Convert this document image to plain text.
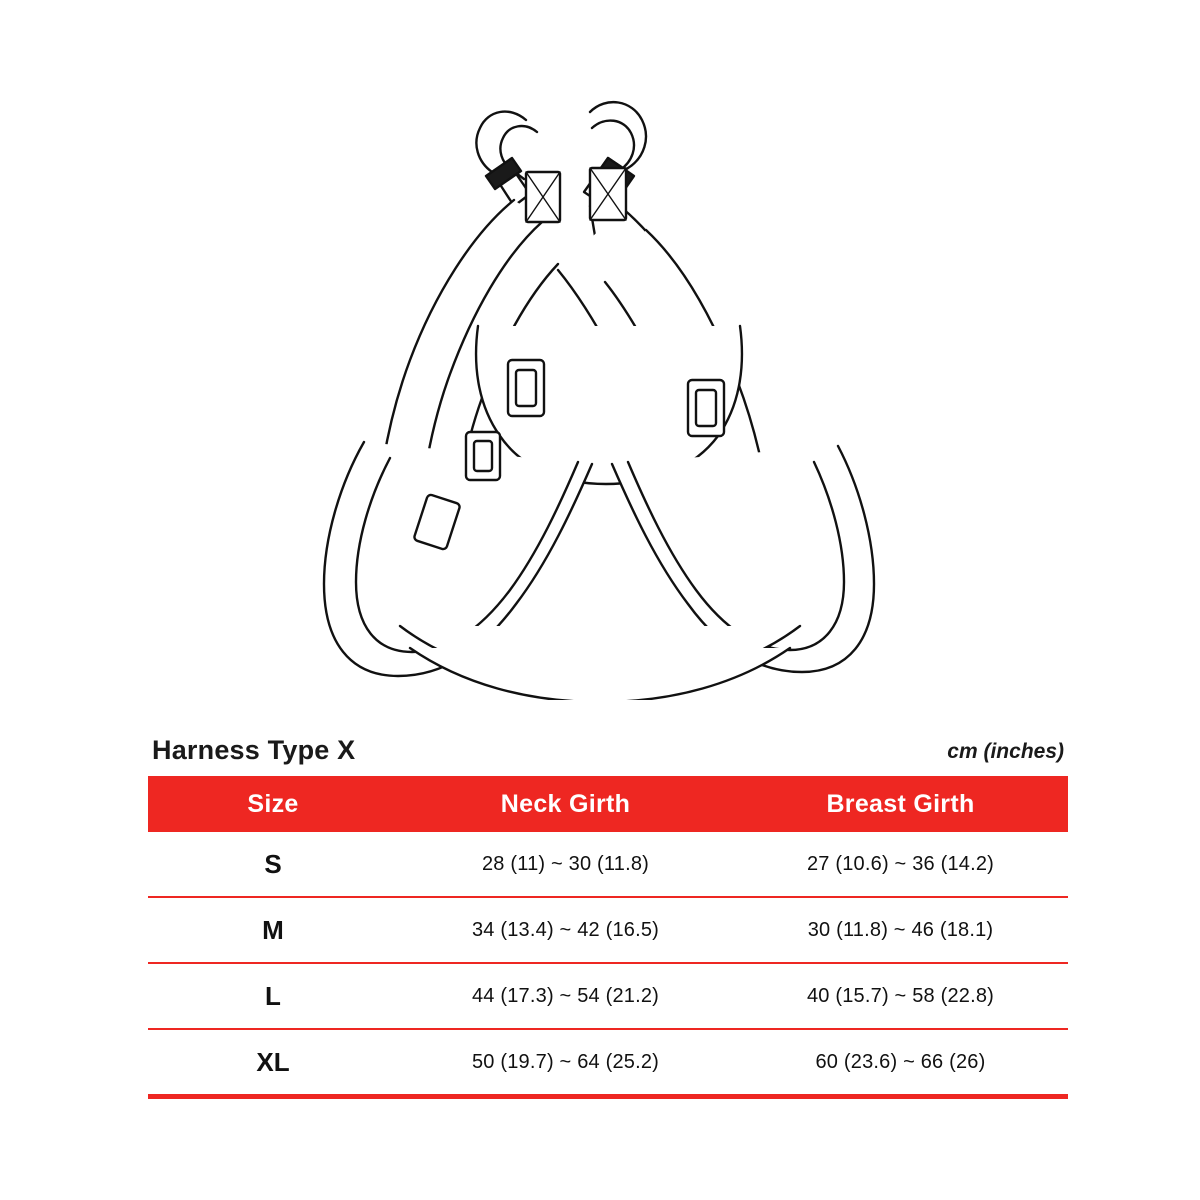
Harness Type X	cm (inches)
Size	Neck Girth	Breast Girth
S	28 (11) ~ 30 (11.8)	27 (10.6) ~ 36 (14.2)
M	34 (13.4) ~ 42 (16.5)	30 (11.8) ~ 46 (18.1)
L	44 (17.3) ~ 54 (21.2)	40 (15.7) ~ 58 (22.8)
XL	50 (19.7) ~ 64 (25.2)	60 (23.6) ~ 66 (26)
